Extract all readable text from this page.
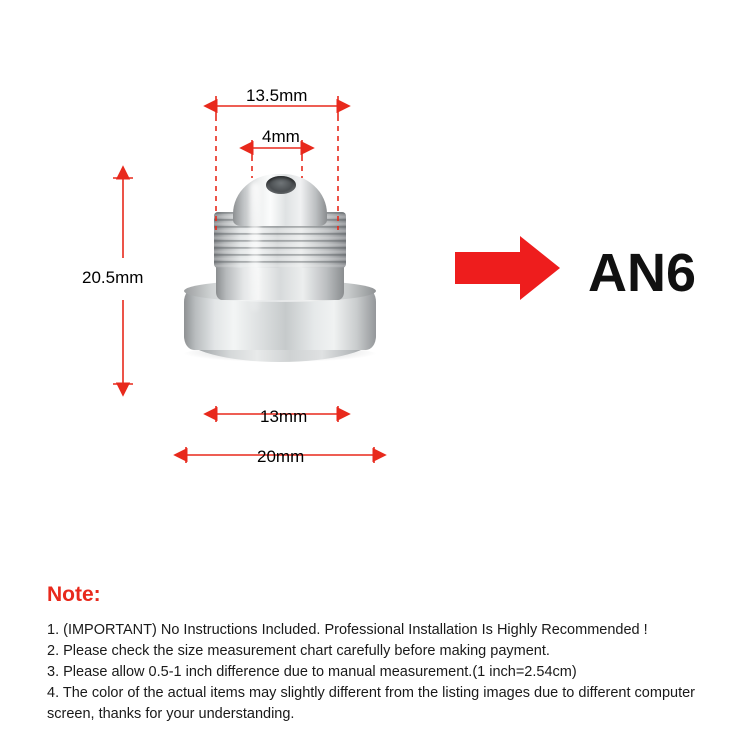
13.5mm
4mm
20.5mm
13mm
20mm
AN6
Note:
1. (IMPORTANT) No Instructions Included. Professional Installation Is Highly Recommended !
2. Please check the size measurement chart carefully before making payment.
3. Please allow 0.5-1 inch difference due to manual measurement.(1 inch=2.54cm)
4. The color of the actual items may slightly different from the listing images due to different computer
screen, thanks for your understanding.
